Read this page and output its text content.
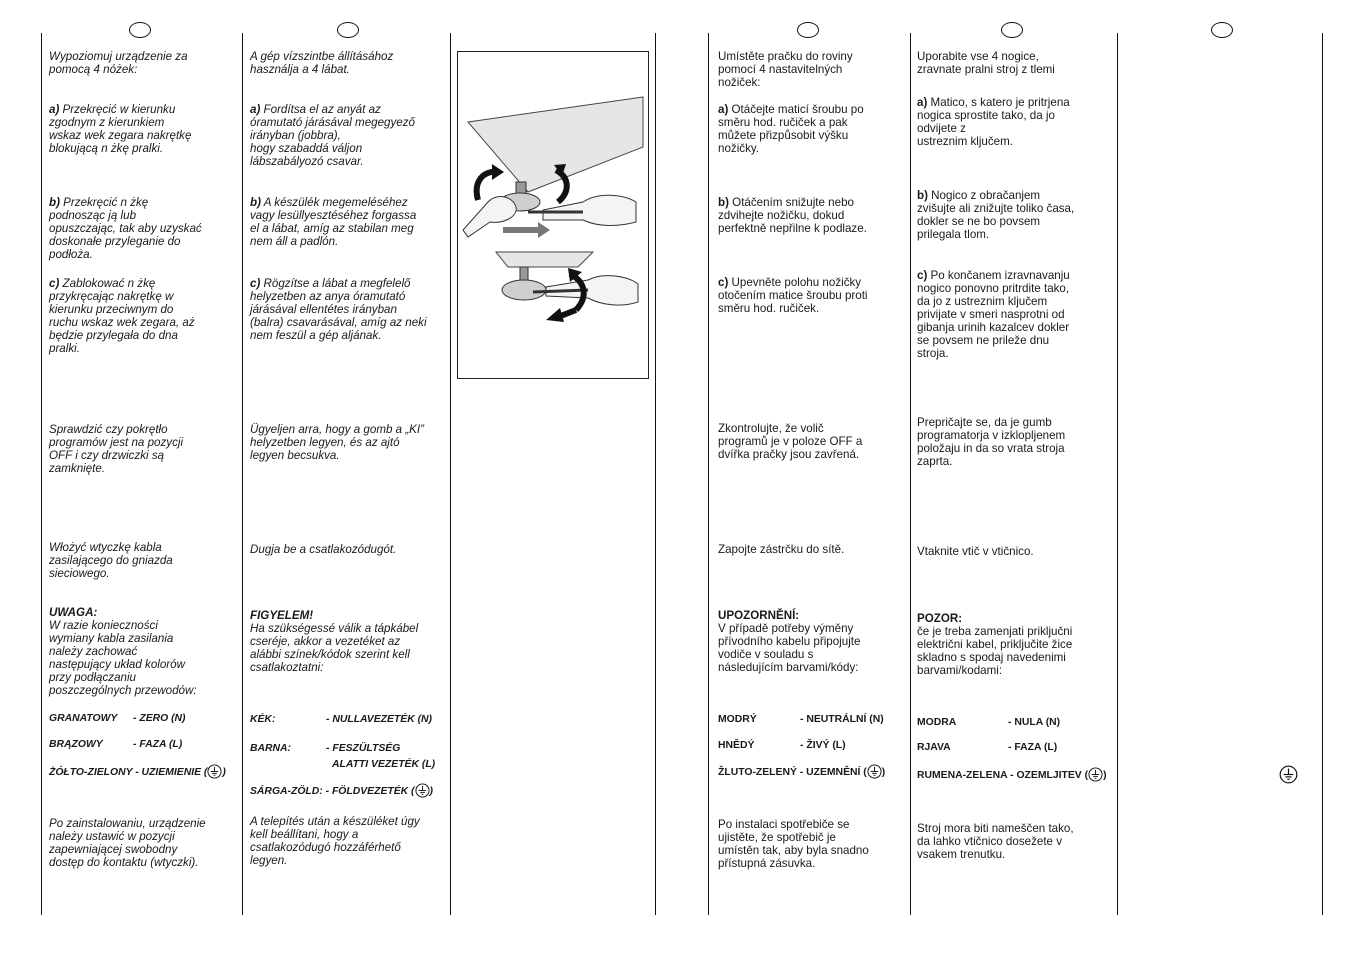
Wypoziomuj urządzenie za
pomocą 4 nóżek:
a) Przekręcić w kierunku
zgodnym z kierunkiem
wskaz wek zegara nakrętkę
blokującą n żkę pralki.
b) Przekręcić n żkę
podnosząc ją lub
opuszczając, tak aby uzyskać
doskonałe przyleganie do
podłoża.
c) Zablokować n żkę
przykręcając nakrętkę w
kierunku przeciwnym do
ruchu wskaz wek zegara, aż
będzie przylegała do dna
pralki.
Sprawdzić czy pokrętło
programów jest na pozycji
OFF i czy drzwiczki są
zamknięte.
Włożyć wtyczkę kabla
zasilającego do gniazda
sieciowego.
UWAGA:
W razie konieczności
wymiany kabla zasilania
należy zachować
następujący układ kolorów
przy podłączaniu
poszczególnych przewodów:
GRANATOWY - ZERO (N)
BRĄZOWY	- FAZA (L)
ŻÓŁTO-ZIELONY - UZIEMIENIE ( )
Po zainstalowaniu, urządzenie
należy ustawić w pozycji
zapewniającej swobodny
dostęp do kontaktu (wtyczki).
A gép vízszintbe állításához
használja a 4 lábat.
a) Fordítsa el az anyát az
óramutató járásával megegyező
irányban (jobbra),
hogy szabaddá váljon
lábszabályozó csavar.
b) A készülék megemeléséhez
vagy lesüllyesztéséhez forgassa
el a lábat, amíg az stabilan meg
nem áll a padlón.
c) Rögzítse a lábat a megfelelő
helyzetben az anya óramutató
járásával ellentétes irányban
(balra) csavarásával, amíg az neki
nem feszül a gép aljának.
Ügyeljen arra, hogy a gomb a „KI”
helyzetben legyen, és az ajtó
legyen becsukva.
Dugja be a csatlakozódugót.
FIGYELEM!
Ha szükségessé válik a tápkábel
cseréje, akkor a vezetéket az
alábbi színek/kódok szerint kell
csatlakoztatni:
KÉK:	- NULLAVEZETÉK (N)
BARNA:	- FESZÜLTSÉG
ALATTI VEZETÉK (L)
SÁRGA-ZÖLD: - FÖLDVEZETÉK ( )
A telepítés után a készüléket úgy
kell beállítani, hogy a
csatlakozódugó hozzáférhető
legyen.
Umístěte pračku do roviny
pomocí 4 nastavitelných
nožiček:
a) Otáčejte maticí šroubu po
směru hod. ručiček a pak
můžete přizpůsobit výšku
nožičky.
b) Otáčením snižujte nebo
zdvihejte nožičku, dokud
perfektně nepřilne k podlaze.
c) Upevněte polohu nožičky
otočením matice šroubu proti
směru hod. ručiček.
Zkontrolujte, že volič
programů je v poloze OFF a
dvířka pračky jsou zavřená.
Zapojte zástrčku do sítě.
UPOZORNĚNÍ:
V případě potřeby výměny
přívodního kabelu připojujte
vodiče v souladu s
následujícím barvami/kódy:
MODRÝ	- NEUTRÁLNÍ (N)
HNĚDÝ	- ŽIVÝ (L)
ŽLUTO-ZELENÝ - UZEMNĚNÍ ( )
Po instalaci spotřebiče se
ujistěte, že spotřebič je
umístěn tak, aby byla snadno
přístupná zásuvka.
Uporabite vse 4 nogice,
zravnate pralni stroj z tlemi
a) Matico, s katero je pritrjena
nogica sprostite tako, da jo
odvijete z
ustreznim ključem.
b) Nogico z obračanjem
zvišujte ali znižujte toliko časa,
dokler se ne bo povsem
prilegala tlom.
c) Po končanem izravnavanju
nogico ponovno pritrdite tako,
da jo z ustreznim ključem
privijate v smeri nasprotni od
gibanja urinih kazalcev dokler
se povsem ne prileže dnu
stroja.
Prepričajte se, da je gumb
programatorja v izklopljenem
položaju in da so vrata stroja
zaprta.
Vtaknite vtič v vtičnico.
POZOR:
če je treba zamenjati priključni
električni kabel, priključite žice
skladno s spodaj navedenimi
barvami/kodami:
MODRA	- NULA (N)
RJAVA	- FAZA (L)
RUMENA-ZELENA - OZEMLJITEV ( )
Stroj mora biti nameščen tako,
da lahko vtičnico dosežete v
vsakem trenutku.
